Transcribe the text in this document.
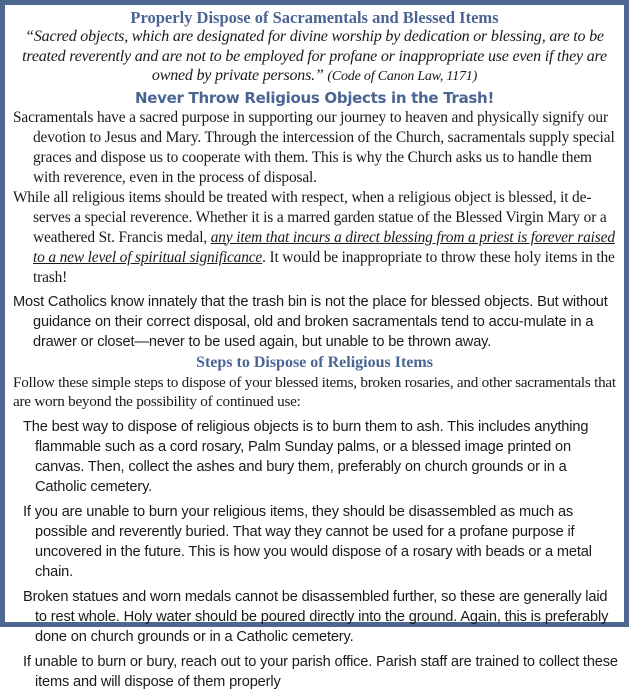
Properly Dispose of Sacramentals and Blessed Items
“Sacred objects, which are designated for divine worship by dedication or blessing, are to be treated reverently and are not to be employed for profane or inappropriate use even if they are owned by private persons.” (Code of Canon Law, 1171)
Never Throw Religious Objects in the Trash!
Sacramentals have a sacred purpose in supporting our journey to heaven and physically signify our devotion to Jesus and Mary. Through the intercession of the Church, sacramentals supply special graces and dispose us to cooperate with them. This is why the Church asks us to handle them with reverence, even in the process of disposal.
While all religious items should be treated with respect, when a religious object is blessed, it de-serves a special reverence. Whether it is a marred garden statue of the Blessed Virgin Mary or a weathered St. Francis medal, any item that incurs a direct blessing from a priest is forever raised to a new level of spiritual significance. It would be inappropriate to throw these holy items in the trash!
Most Catholics know innately that the trash bin is not the place for blessed objects. But without guidance on their correct disposal, old and broken sacramentals tend to accu-mulate in a drawer or closet—never to be used again, but unable to be thrown away.
Steps to Dispose of Religious Items
Follow these simple steps to dispose of your blessed items, broken rosaries, and other sacramentals that are worn beyond the possibility of continued use:
The best way to dispose of religious objects is to burn them to ash. This includes anything flammable such as a cord rosary, Palm Sunday palms, or a blessed image printed on canvas. Then, collect the ashes and bury them, preferably on church grounds or in a Catholic cemetery.
If you are unable to burn your religious items, they should be disassembled as much as possible and reverently buried. That way they cannot be used for a profane purpose if uncovered in the future. This is how you would dispose of a rosary with beads or a metal chain.
Broken statues and worn medals cannot be disassembled further, so these are generally laid to rest whole. Holy water should be poured directly into the ground. Again, this is preferably done on church grounds or in a Catholic cemetery.
If unable to burn or bury, reach out to your parish office. Parish staff are trained to collect these items and will dispose of them properly
